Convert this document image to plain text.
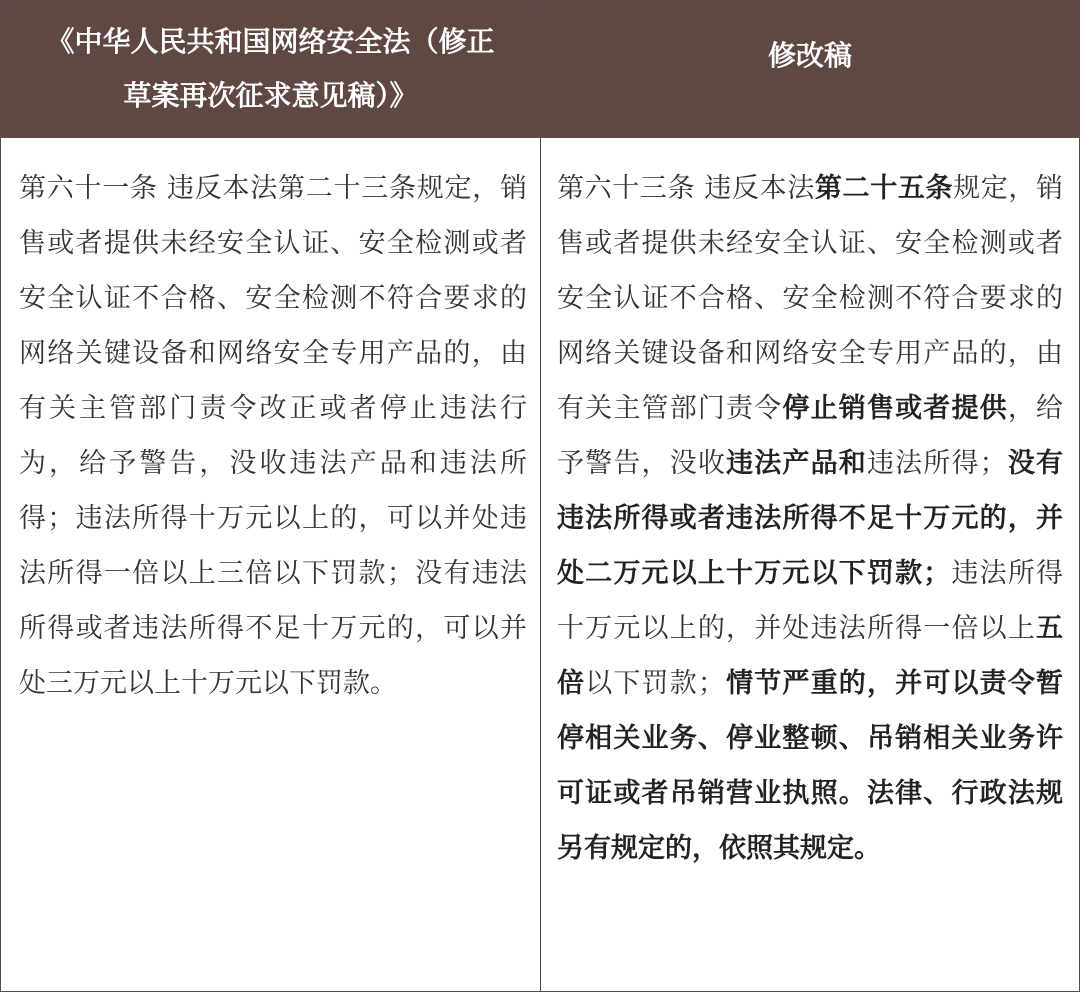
《中华人民共和国网络安全法（修正草案再次征求意见稿）》
修改稿
第六十一条 违反本法第二十三条规定，销售或者提供未经安全认证、安全检测或者安全认证不合格、安全检测不符合要求的网络关键设备和网络安全专用产品的，由有关主管部门责令改正或者停止违法行为，给予警告，没收违法产品和违法所得；违法所得十万元以上的，可以并处违法所得一倍以上三倍以下罚款；没有违法所得或者违法所得不足十万元的，可以并处三万元以上十万元以下罚款。
第六十三条 违反本法第二十五条规定，销售或者提供未经安全认证、安全检测或者安全认证不合格、安全检测不符合要求的网络关键设备和网络安全专用产品的，由有关主管部门责令停止销售或者提供，给予警告，没收违法产品和违法所得；没有违法所得或者违法所得不足十万元的，并处二万元以上十万元以下罚款；违法所得十万元以上的，并处违法所得一倍以上五倍以下罚款；情节严重的，并可以责令暂停相关业务、停业整顿、吊销相关业务许可证或者吊销营业执照。法律、行政法规另有规定的，依照其规定。
